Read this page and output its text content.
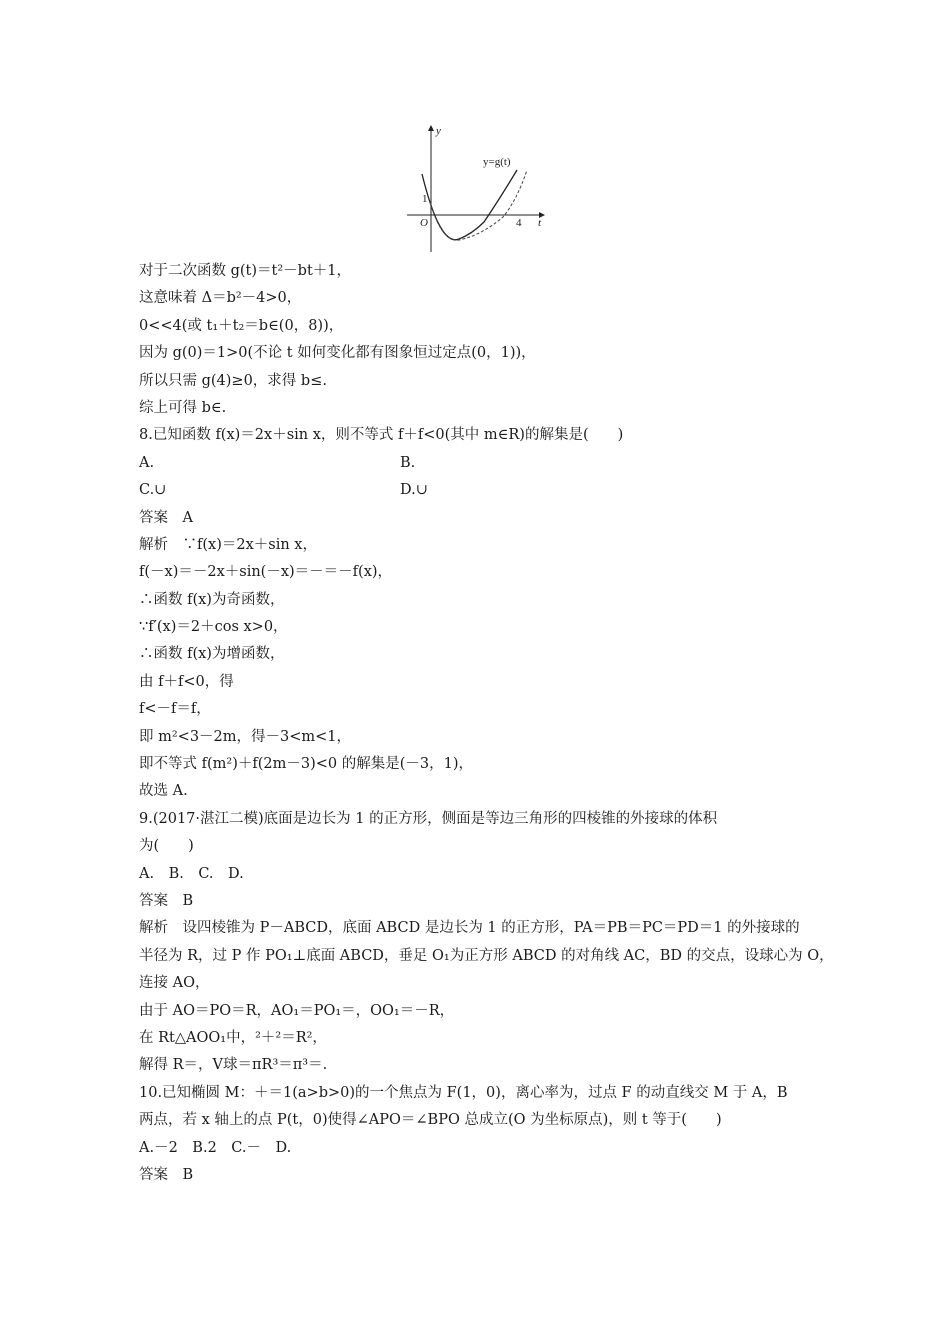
y
t
y=g(t)
1
O	4
对于二次函数 g(t)＝t²－bt＋1，
这意味着 Δ＝b²－4>0，
0<<4(或 t₁＋t₂＝b∈(0，8))，
因为 g(0)＝1>0(不论 t 如何变化都有图象恒过定点(0，1))，
所以只需 g(4)≥0，求得 b≤.
综上可得 b∈.
8.已知函数 f(x)＝2x＋sin x，则不等式 f＋f<0(其中 m∈R)的解集是(　　)
A.	B.
C.∪	D.∪
答案　A
解析　∵f(x)＝2x＋sin x，
f(－x)＝－2x＋sin(－x)＝－＝－f(x)，
∴函数 f(x)为奇函数，
∵f′(x)＝2＋cos x>0，
∴函数 f(x)为增函数，
由 f＋f<0，得
f<－f＝f，
即 m²<3－2m，得－3<m<1，
即不等式 f(m²)＋f(2m－3)<0 的解集是(－3，1)，
故选 A.
9.(2017·湛江二模)底面是边长为 1 的正方形，侧面是等边三角形的四棱锥的外接球的体积
为(　　)
A.　B.　C.　D.
答案　B
解析　设四棱锥为 P－ABCD，底面 ABCD 是边长为 1 的正方形，PA＝PB＝PC＝PD＝1 的外接球的
半径为 R，过 P 作 PO₁⊥底面 ABCD，垂足 O₁为正方形 ABCD 的对角线 AC，BD 的交点，设球心为 O，
连接 AO，
由于 AO＝PO＝R，AO₁＝PO₁＝，OO₁＝－R，
在 Rt△AOO₁中，²＋²＝R²，
解得 R＝，V球＝πR³＝π³＝.
10.已知椭圆 M：＋＝1(a>b>0)的一个焦点为 F(1，0)，离心率为，过点 F 的动直线交 M 于 A，B
两点，若 x 轴上的点 P(t，0)使得∠APO＝∠BPO 总成立(O 为坐标原点)，则 t 等于(　　)
A.－2　B.2　C.－　D.
答案　B
